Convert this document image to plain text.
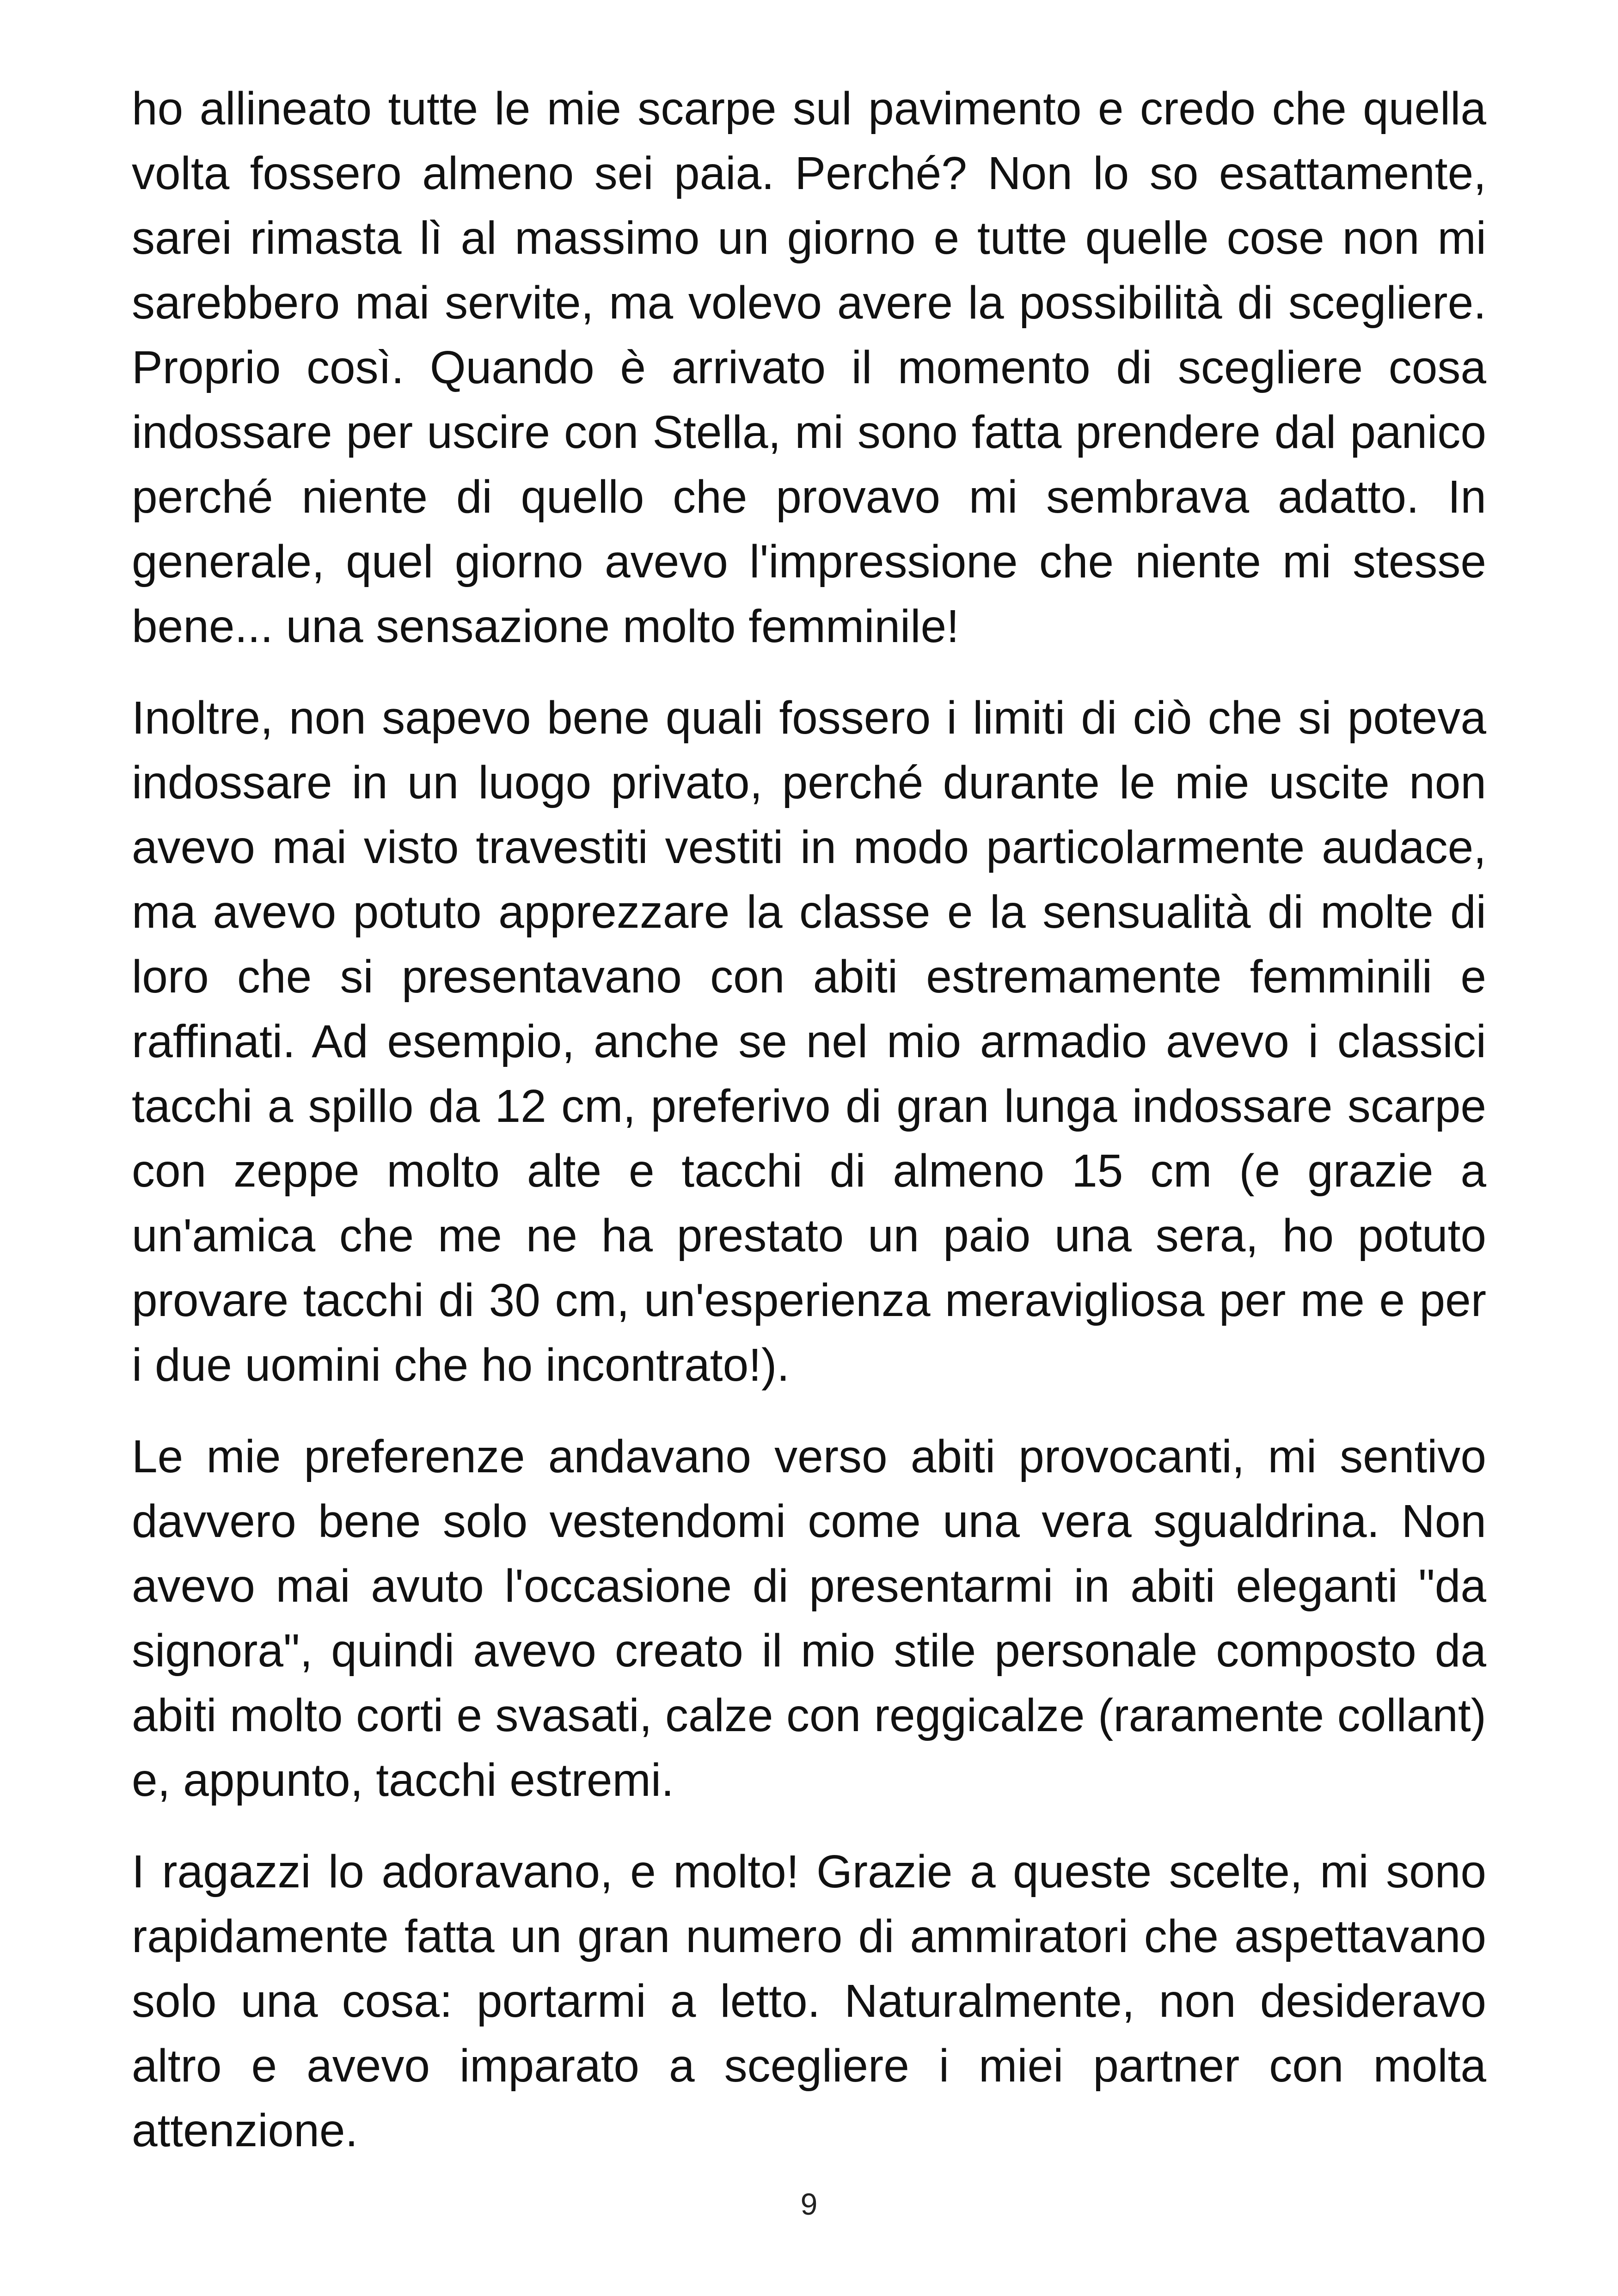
ho allineato tutte le mie scarpe sul pavimento e credo che quella volta fossero almeno sei paia. Perché? Non lo so esattamente, sarei rimasta lì al massimo un giorno e tutte quelle cose non mi sarebbero mai servite, ma volevo avere la possibilità di scegliere. Proprio così. Quando è arrivato il momento di scegliere cosa indossare per uscire con Stella, mi sono fatta prendere dal panico perché niente di quello che provavo mi sembrava adatto. In generale, quel giorno avevo l'impressione che niente mi stesse bene... una sensazione molto femminile!

Inoltre, non sapevo bene quali fossero i limiti di ciò che si poteva indossare in un luogo privato, perché durante le mie uscite non avevo mai visto travestiti vestiti in modo particolarmente audace, ma avevo potuto apprezzare la classe e la sensualità di molte di loro che si presentavano con abiti estremamente femminili e raffinati. Ad esempio, anche se nel mio armadio avevo i classici tacchi a spillo da 12 cm, preferivo di gran lunga indossare scarpe con zeppe molto alte e tacchi di almeno 15 cm (e grazie a un'amica che me ne ha prestato un paio una sera, ho potuto provare tacchi di 30 cm, un'esperienza meravigliosa per me e per i due uomini che ho incontrato!).

Le mie preferenze andavano verso abiti provocanti, mi sentivo davvero bene solo vestendomi come una vera sgualdrina. Non avevo mai avuto l'occasione di presentarmi in abiti eleganti "da signora", quindi avevo creato il mio stile personale composto da abiti molto corti e svasati, calze con reggicalze (raramente collant) e, appunto, tacchi estremi.

I ragazzi lo adoravano, e molto! Grazie a queste scelte, mi sono rapidamente fatta un gran numero di ammiratori che aspettavano solo una cosa: portarmi a letto. Naturalmente, non desideravo altro e avevo imparato a scegliere i miei partner con molta attenzione.

9
